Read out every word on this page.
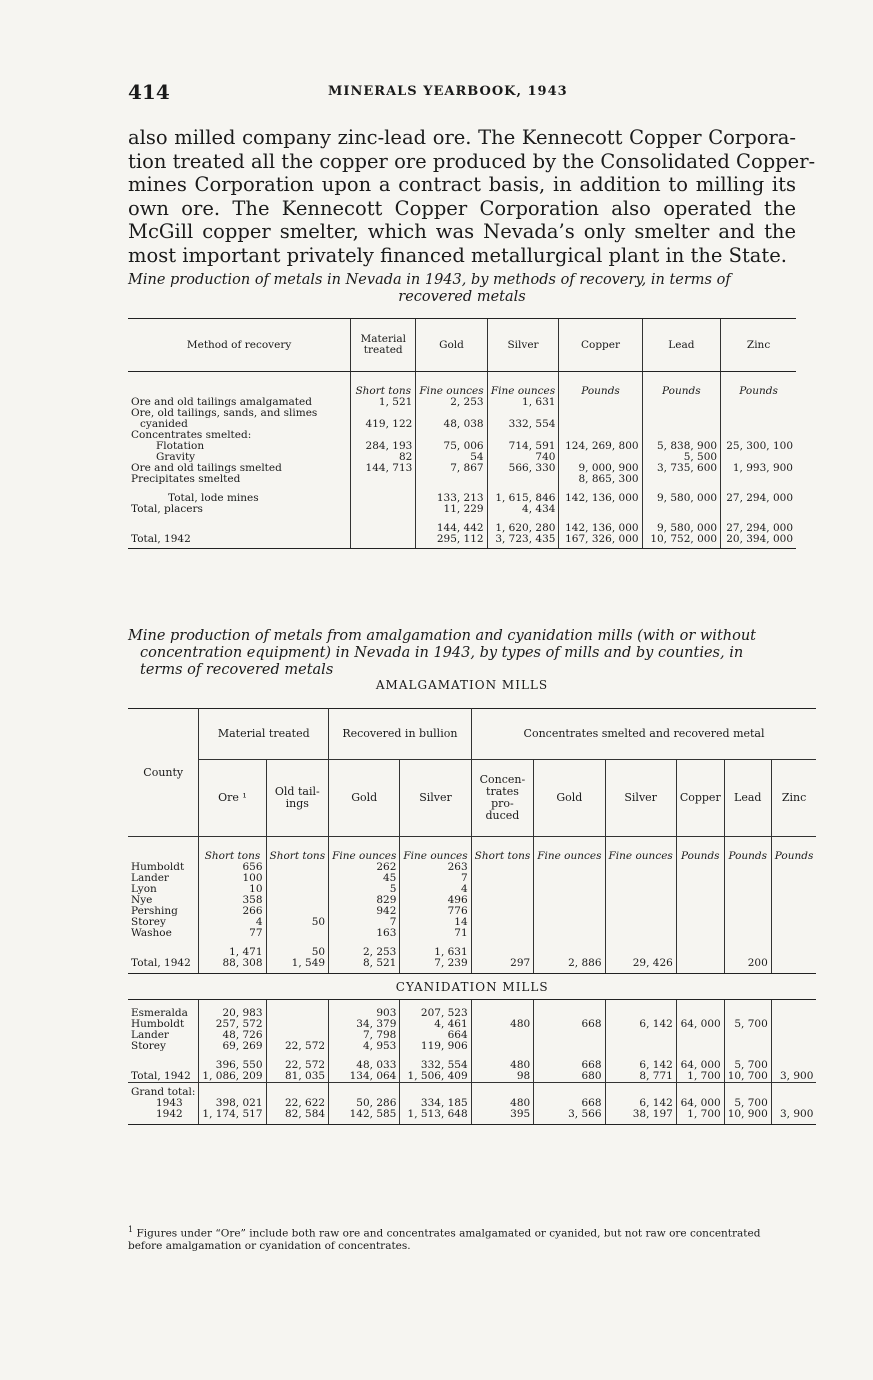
414	MINERALS YEARBOOK, 1943

also milled company zinc-lead ore. The Kennecott Copper Corpora-
tion treated all the copper ore produced by the Consolidated Copper-
mines Corporation upon a contract basis, in addition to milling its
own ore. The Kennecott Copper Corporation also operated the
McGill copper smelter, which was Nevada’s only smelter and the
most important privately financed metallurgical plant in the State.

Mine production of metals in Nevada in 1943, by methods of recovery, in terms of
recovered metals

Method of recovery	Material treated	Gold	Silver	Copper	Lead	Zinc
	Short tons	Fine ounces	Fine ounces	Pounds	Pounds	Pounds
Ore and old tailings amalgamated	1, 521	2, 253	1, 631			
Ore, old tailings, sands, and slimes						
cyanided	419, 122	48, 038	332, 554			
Concentrates smelted:						
Flotation	284, 193	75, 006	714, 591	124, 269, 800	5, 838, 900	25, 300, 100
Gravity	82	54	740		5, 500	
Ore and old tailings smelted	144, 713	7, 867	566, 330	9, 000, 900	3, 735, 600	1, 993, 900
Precipitates smelted				8, 865, 300		

Total, lode mines		133, 213	1, 615, 846	142, 136, 000	9, 580, 000	27, 294, 000
Total, placers		11, 229	4, 434			

		144, 442	1, 620, 280	142, 136, 000	9, 580, 000	27, 294, 000
Total, 1942		295, 112	3, 723, 435	167, 326, 000	10, 752, 000	20, 394, 000

Mine production of metals from amalgamation and cyanidation mills (with or without
concentration equipment) in Nevada in 1943, by types of mills and by counties, in
terms of recovered metals

AMALGAMATION MILLS
County	Material treated		Recovered in bullion		Concentrates smelted and recovered metal					
	Ore ¹	Old tail-ings	Gold	Silver	Concen-trates pro-duced	Gold	Silver	Copper	Lead	Zinc
	Short tons	Short tons	Fine ounces	Fine ounces	Short tons	Fine ounces	Fine ounces	Pounds	Pounds	Pounds
Humboldt	656		262	263						
Lander	100		45	7						
Lyon	10		5	4						
Nye	358		829	496						
Pershing	266		942	776						
Storey	4	50	7	14						
Washoe	77		163	71						

	1, 471	50	2, 253	1, 631						
Total, 1942	88, 308	1, 549	8, 521	7, 239	297	2, 886	29, 426		200	
CYANIDATION MILLS										
Esmeralda	20, 983		903	207, 523						
Humboldt	257, 572		34, 379	4, 461	480	668	6, 142	64, 000	5, 700	
Lander	48, 726		7, 798	664						
Storey	69, 269	22, 572	4, 953	119, 906						

	396, 550	22, 572	48, 033	332, 554	480	668	6, 142	64, 000	5, 700	
Total, 1942	1, 086, 209	81, 035	134, 064	1, 506, 409	98	680	8, 771	1, 700	10, 700	3, 900
Grand total:										
1943	398, 021	22, 622	50, 286	334, 185	480	668	6, 142	64, 000	5, 700	
1942	1, 174, 517	82, 584	142, 585	1, 513, 648	395	3, 566	38, 197	1, 700	10, 900	3, 900

$^1$ Figures under “Ore” include both raw ore and concentrates amalgamated or cyanided, but not raw ore concentrated before amalgamation or cyanidation of concentrates.
